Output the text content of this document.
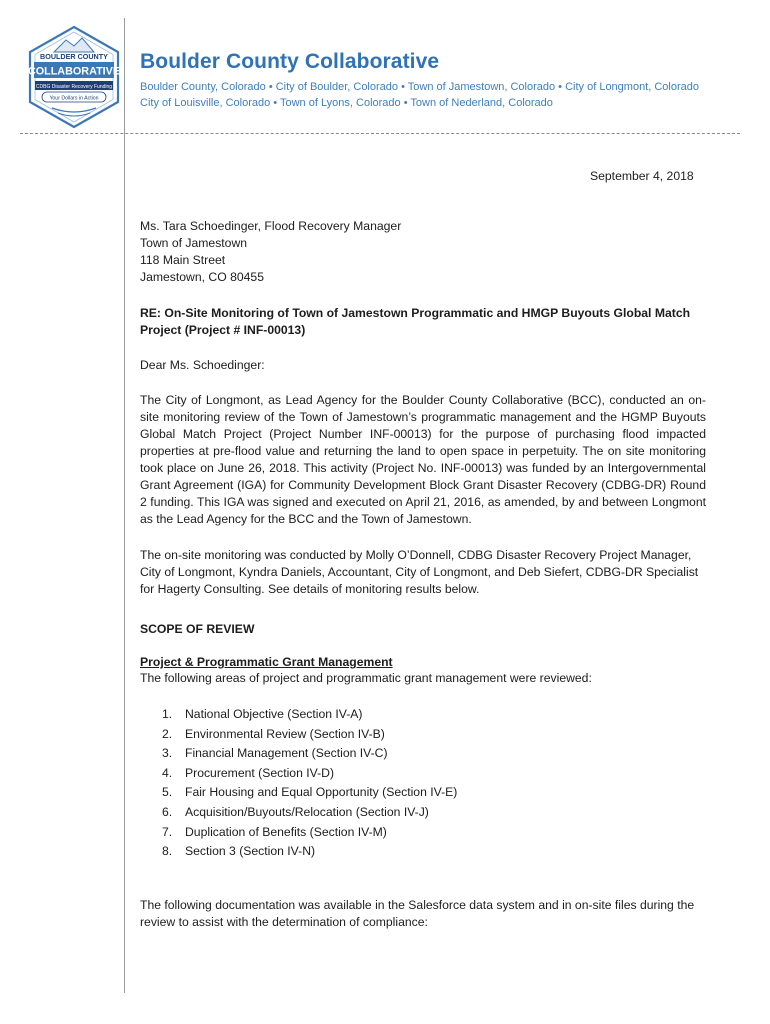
BOULDER COUNTY
COLLABORATIVE
CDBG Disaster Recovery Funding
Your Dollars in Action
Boulder County Collaborative
Boulder County, Colorado • City of Boulder, Colorado • Town of Jamestown, Colorado • City of Longmont, Colorado
City of Louisville, Colorado • Town of Lyons, Colorado • Town of Nederland, Colorado
September 4, 2018
Ms. Tara Schoedinger, Flood Recovery Manager
Town of Jamestown
118 Main Street
Jamestown, CO 80455
RE: On-Site Monitoring of Town of Jamestown Programmatic and HMGP Buyouts Global Match Project (Project # INF-00013)
Dear Ms. Schoedinger:
The City of Longmont, as Lead Agency for the Boulder County Collaborative (BCC), conducted an on-site monitoring review of the Town of Jamestown’s programmatic management and the HGMP Buyouts Global Match Project (Project Number INF-00013) for the purpose of purchasing flood impacted properties at pre-flood value and returning the land to open space in perpetuity. The on site monitoring took place on June 26, 2018. This activity (Project No. INF-00013) was funded by an Intergovernmental Grant Agreement (IGA) for Community Development Block Grant Disaster Recovery (CDBG-DR) Round 2 funding. This IGA was signed and executed on April 21, 2016, as amended, by and between Longmont as the Lead Agency for the BCC and the Town of Jamestown.
The on-site monitoring was conducted by Molly O’Donnell, CDBG Disaster Recovery Project Manager, City of Longmont, Kyndra Daniels, Accountant, City of Longmont, and Deb Siefert, CDBG-DR Specialist for Hagerty Consulting. See details of monitoring results below.
SCOPE OF REVIEW
Project & Programmatic Grant Management
The following areas of project and programmatic grant management were reviewed:
1. National Objective (Section IV-A)
2. Environmental Review (Section IV-B)
3. Financial Management (Section IV-C)
4. Procurement (Section IV-D)
5. Fair Housing and Equal Opportunity (Section IV-E)
6. Acquisition/Buyouts/Relocation (Section IV-J)
7. Duplication of Benefits (Section IV-M)
8. Section 3 (Section IV-N)
The following documentation was available in the Salesforce data system and in on-site files during the review to assist with the determination of compliance:
